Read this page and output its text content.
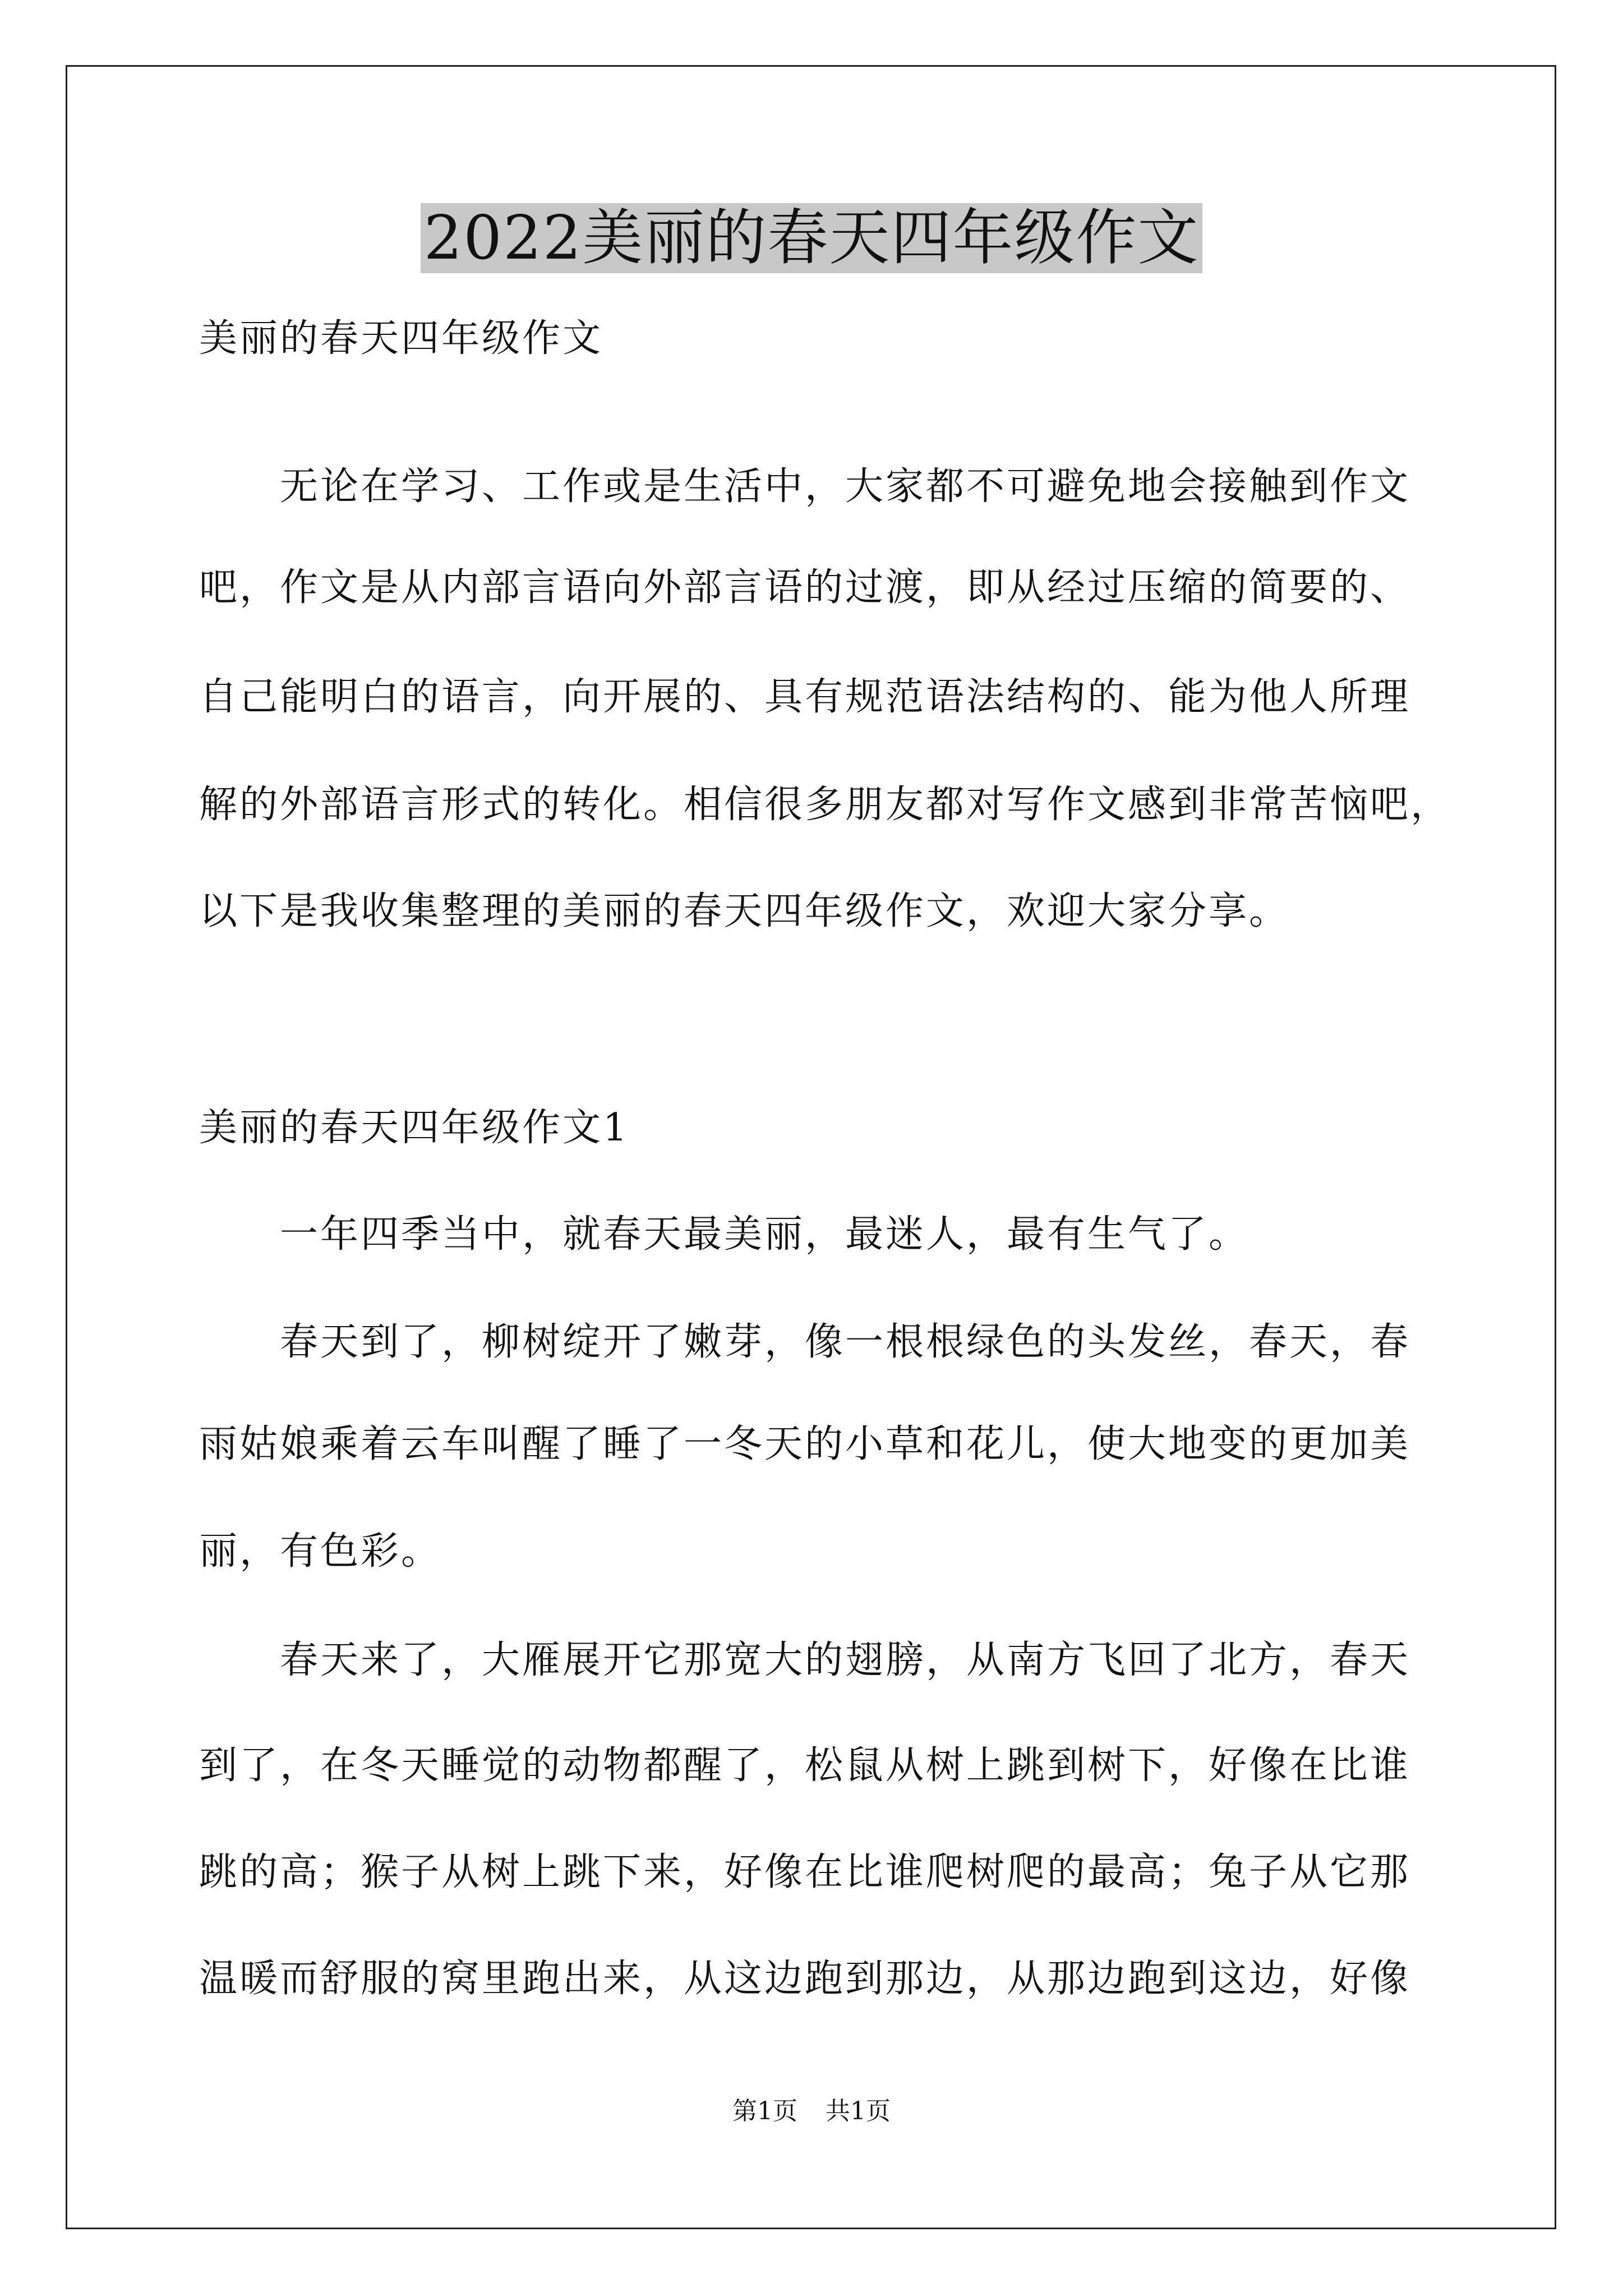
2022美丽的春天四年级作文
美丽的春天四年级作文
　　无论在学习、工作或是生活中，大家都不可避免地会接触到作文
吧，作文是从内部言语向外部言语的过渡，即从经过压缩的简要的、
自己能明白的语言，向开展的、具有规范语法结构的、能为他人所理
解的外部语言形式的转化。相信很多朋友都对写作文感到非常苦恼吧，
以下是我收集整理的美丽的春天四年级作文，欢迎大家分享。
美丽的春天四年级作文1
　　一年四季当中，就春天最美丽，最迷人，最有生气了。
　　春天到了，柳树绽开了嫩芽，像一根根绿色的头发丝，春天，春
雨姑娘乘着云车叫醒了睡了一冬天的小草和花儿，使大地变的更加美
丽，有色彩。
　　春天来了，大雁展开它那宽大的翅膀，从南方飞回了北方，春天
到了，在冬天睡觉的动物都醒了，松鼠从树上跳到树下，好像在比谁
跳的高；猴子从树上跳下来，好像在比谁爬树爬的最高；兔子从它那
温暖而舒服的窝里跑出来，从这边跑到那边，从那边跑到这边，好像
第1页 共1页
